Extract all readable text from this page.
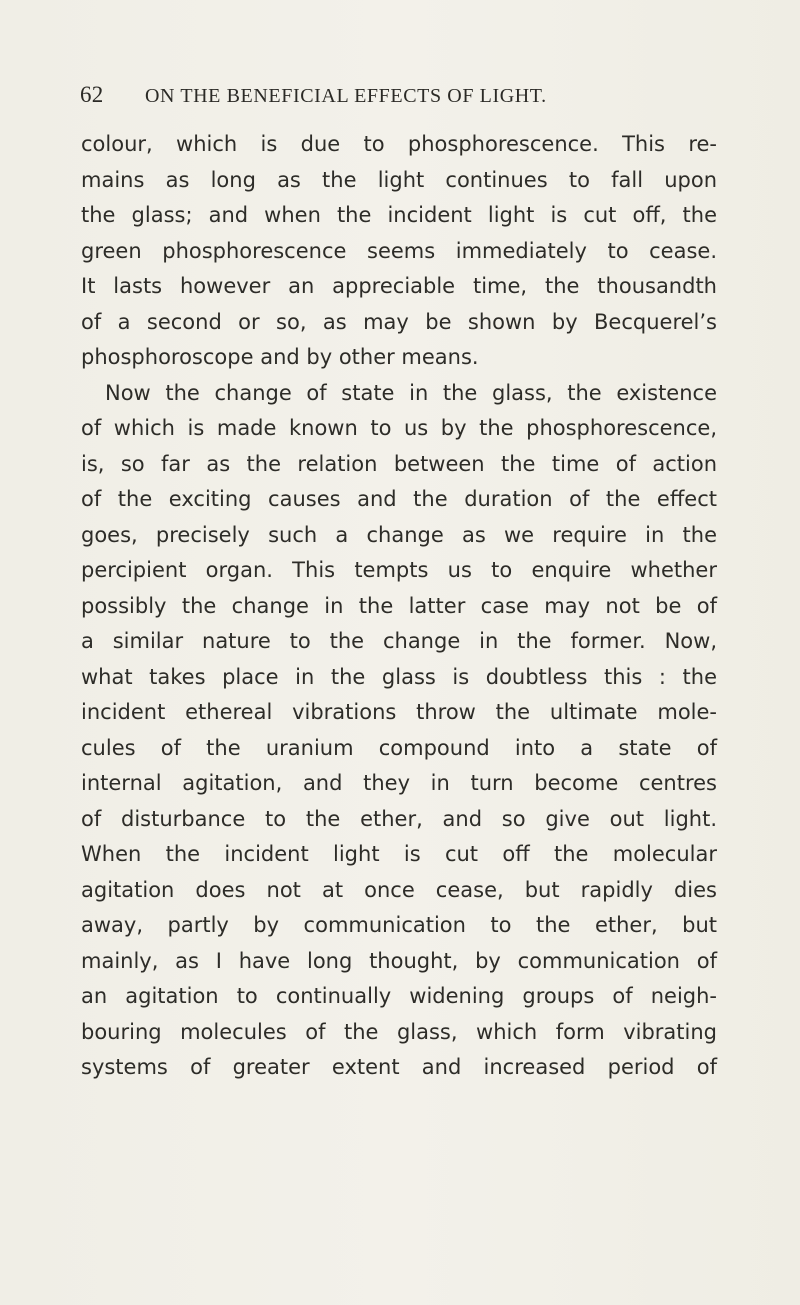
62 ON THE BENEFICIAL EFFECTS OF LIGHT.
colour, which is due to phosphorescence. This re-
mains as long as the light continues to fall upon
the glass; and when the incident light is cut off, the
green phosphorescence seems immediately to cease.
It lasts however an appreciable time, the thousandth
of a second or so, as may be shown by Becquerel’s
phosphoroscope and by other means.
Now the change of state in the glass, the existence
of which is made known to us by the phosphorescence,
is, so far as the relation between the time of action
of the exciting causes and the duration of the effect
goes, precisely such a change as we require in the
percipient organ. This tempts us to enquire whether
possibly the change in the latter case may not be of
a similar nature to the change in the former. Now,
what takes place in the glass is doubtless this : the
incident ethereal vibrations throw the ultimate mole-
cules of the uranium compound into a state of
internal agitation, and they in turn become centres
of disturbance to the ether, and so give out light.
When the incident light is cut off the molecular
agitation does not at once cease, but rapidly dies
away, partly by communication to the ether, but
mainly, as I have long thought, by communication of
an agitation to continually widening groups of neigh-
bouring molecules of the glass, which form vibrating
systems of greater extent and increased period of
